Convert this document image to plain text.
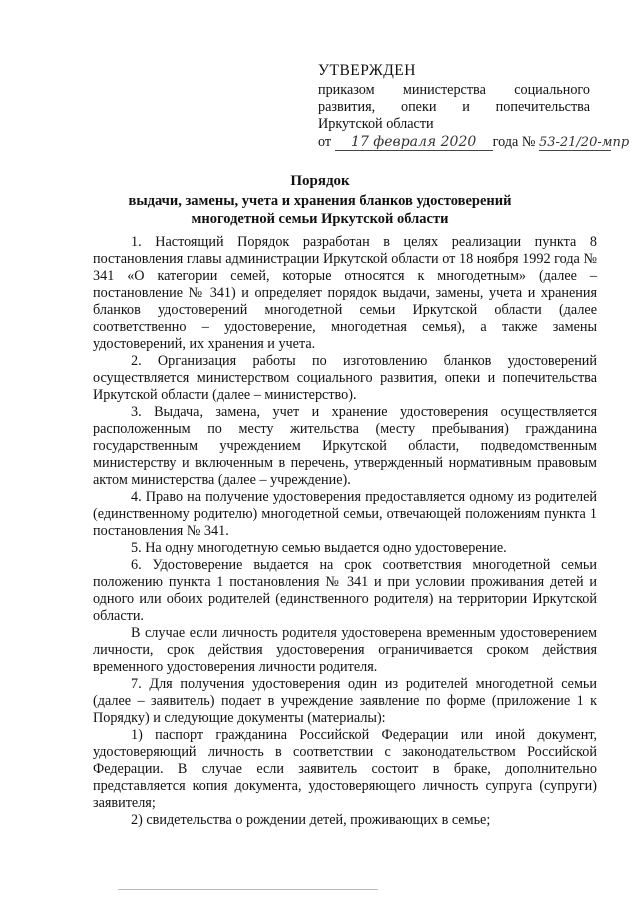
УТВЕРЖДЕН
приказом министерства социального
развития, опеки и попечительства
Иркутской области
от 17 февраля 2020 года № 53-21/20-мпр
Порядок
выдачи, замены, учета и хранения бланков удостоверений многодетной семьи Иркутской области

1. Настоящий Порядок разработан в целях реализации пункта 8 постановления главы администрации Иркутской области от 18 ноября 1992 года № 341 «О категории семей, которые относятся к многодетным» (далее – постановление № 341) и определяет порядок выдачи, замены, учета и хранения бланков удостоверений многодетной семьи Иркутской области (далее соответственно – удостоверение, многодетная семья), а также замены удостоверений, их хранения и учета.

2. Организация работы по изготовлению бланков удостоверений осуществляется министерством социального развития, опеки и попечительства Иркутской области (далее – министерство).

3. Выдача, замена, учет и хранение удостоверения осуществляется расположенным по месту жительства (месту пребывания) гражданина государственным учреждением Иркутской области, подведомственным министерству и включенным в перечень, утвержденный нормативным правовым актом министерства (далее – учреждение).

4. Право на получение удостоверения предоставляется одному из родителей (единственному родителю) многодетной семьи, отвечающей положениям пункта 1 постановления № 341.

5. На одну многодетную семью выдается одно удостоверение.

6. Удостоверение выдается на срок соответствия многодетной семьи положению пункта 1 постановления № 341 и при условии проживания детей и одного или обоих родителей (единственного родителя) на территории Иркутской области.

В случае если личность родителя удостоверена временным удостоверением личности, срок действия удостоверения ограничивается сроком действия временного удостоверения личности родителя.

7. Для получения удостоверения один из родителей многодетной семьи (далее – заявитель) подает в учреждение заявление по форме (приложение 1 к Порядку) и следующие документы (материалы):

1) паспорт гражданина Российской Федерации или иной документ, удостоверяющий личность в соответствии с законодательством Российской Федерации. В случае если заявитель состоит в браке, дополнительно представляется копия документа, удостоверяющего личность супруга (супруги) заявителя;

2) свидетельства о рождении детей, проживающих в семье;
